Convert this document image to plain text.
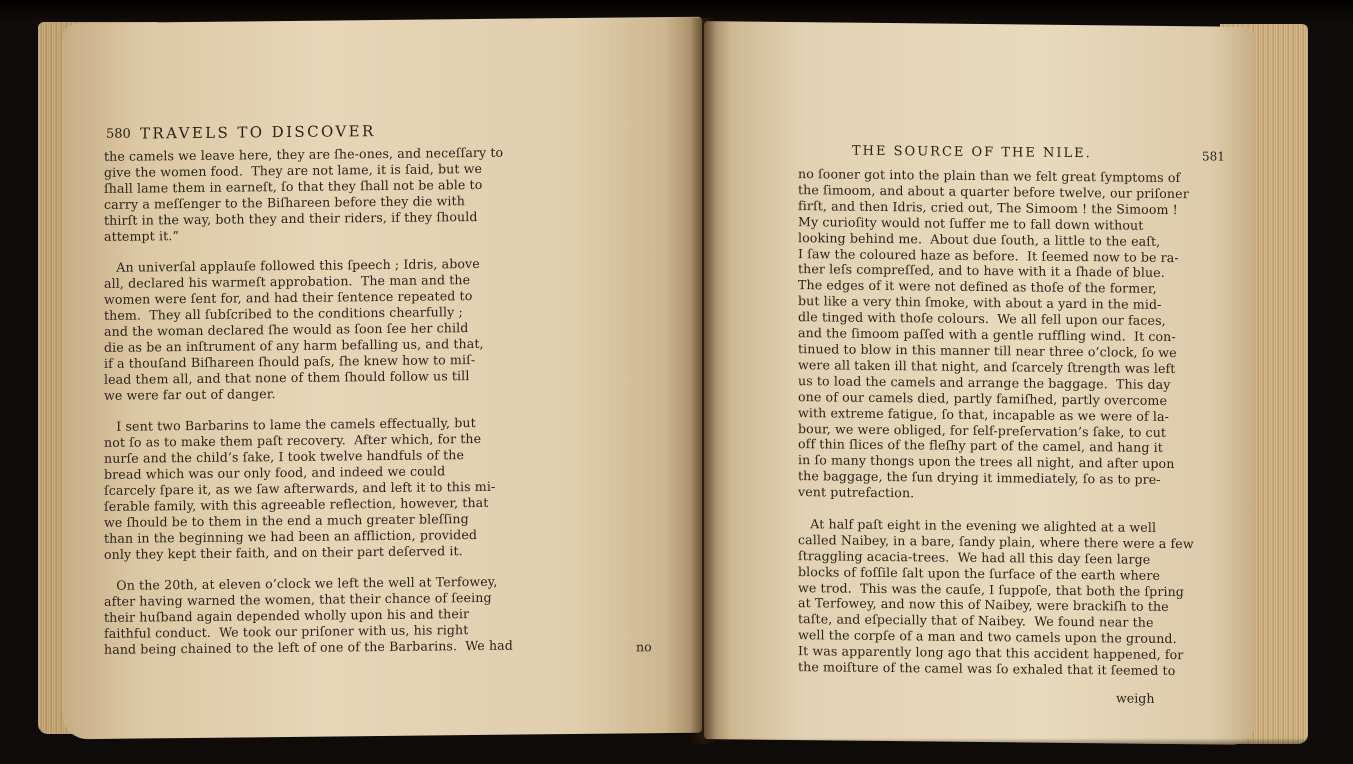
580 TRAVELS TO DISCOVER
the camels we leave here, they are ſhe-ones, and neceſſary to
give the women food.  They are not lame, it is ſaid, but we
ſhall lame them in earneſt, ſo that they ſhall not be able to
carry a meſſenger to the Biſhareen before they die with
thirſt in the way, both they and their riders, if they ſhould
attempt it.”

An univerſal applauſe followed this ſpeech ; Idris, above
all, declared his warmeſt approbation.  The man and the
women were ſent for, and had their ſentence repeated to
them.  They all ſubſcribed to the conditions chearfully ;
and the woman declared ſhe would as ſoon ſee her child
die as be an inſtrument of any harm befalling us, and that,
if a thouſand Biſhareen ſhould paſs, ſhe knew how to miſ-
lead them all, and that none of them ſhould follow us till
we were far out of danger.

I sent two Barbarins to lame the camels effectually, but
not ſo as to make them paſt recovery.  After which, for the
nurſe and the child’s ſake, I took twelve handfuls of the
bread which was our only food, and indeed we could
ſcarcely ſpare it, as we ſaw afterwards, and left it to this mi-
ſerable family, with this agreeable reflection, however, that
we ſhould be to them in the end a much greater bleſſing
than in the beginning we had been an affliction, provided
only they kept their faith, and on their part deſerved it.

On the 20th, at eleven o’clock we left the well at Terfowey,
after having warned the women, that their chance of ſeeing
their huſband again depended wholly upon his and their
faithful conduct.  We took our priſoner with us, his right
hand being chained to the left of one of the Barbarins.  We had	no
THE SOURCE OF THE NILE.	581
no ſooner got into the plain than we felt great ſymptoms of
the ſimoom, and about a quarter before twelve, our priſoner
firſt, and then Idris, cried out, The Simoom ! the Simoom !
My curioſity would not ſuffer me to fall down without
looking behind me.  About due ſouth, a little to the eaſt,
I ſaw the coloured haze as before.  It ſeemed now to be ra-
ther leſs compreſſed, and to have with it a ſhade of blue.
The edges of it were not defined as thoſe of the former,
but like a very thin ſmoke, with about a yard in the mid-
dle tinged with thoſe colours.  We all fell upon our faces,
and the ſimoom paſſed with a gentle ruffling wind.  It con-
tinued to blow in this manner till near three o’clock, ſo we
were all taken ill that night, and ſcarcely ſtrength was left
us to load the camels and arrange the baggage.  This day
one of our camels died, partly famiſhed, partly overcome
with extreme fatigue, ſo that, incapable as we were of la-
bour, we were obliged, for ſelf-preſervation’s ſake, to cut
off thin ſlices of the fleſhy part of the camel, and hang it
in ſo many thongs upon the trees all night, and after upon
the baggage, the ſun drying it immediately, ſo as to pre-
vent putrefaction.

At half paſt eight in the evening we alighted at a well
called Naibey, in a bare, ſandy plain, where there were a few
ſtraggling acacia-trees.  We had all this day ſeen large
blocks of foſſile ſalt upon the ſurface of the earth where
we trod.  This was the cauſe, I ſuppoſe, that both the ſpring
at Terfowey, and now this of Naibey, were brackiſh to the
taſte, and eſpecially that of Naibey.  We found near the
well the corpſe of a man and two camels upon the ground.
It was apparently long ago that this accident happened, for
the moiſture of the camel was ſo exhaled that it ſeemed to
weigh
